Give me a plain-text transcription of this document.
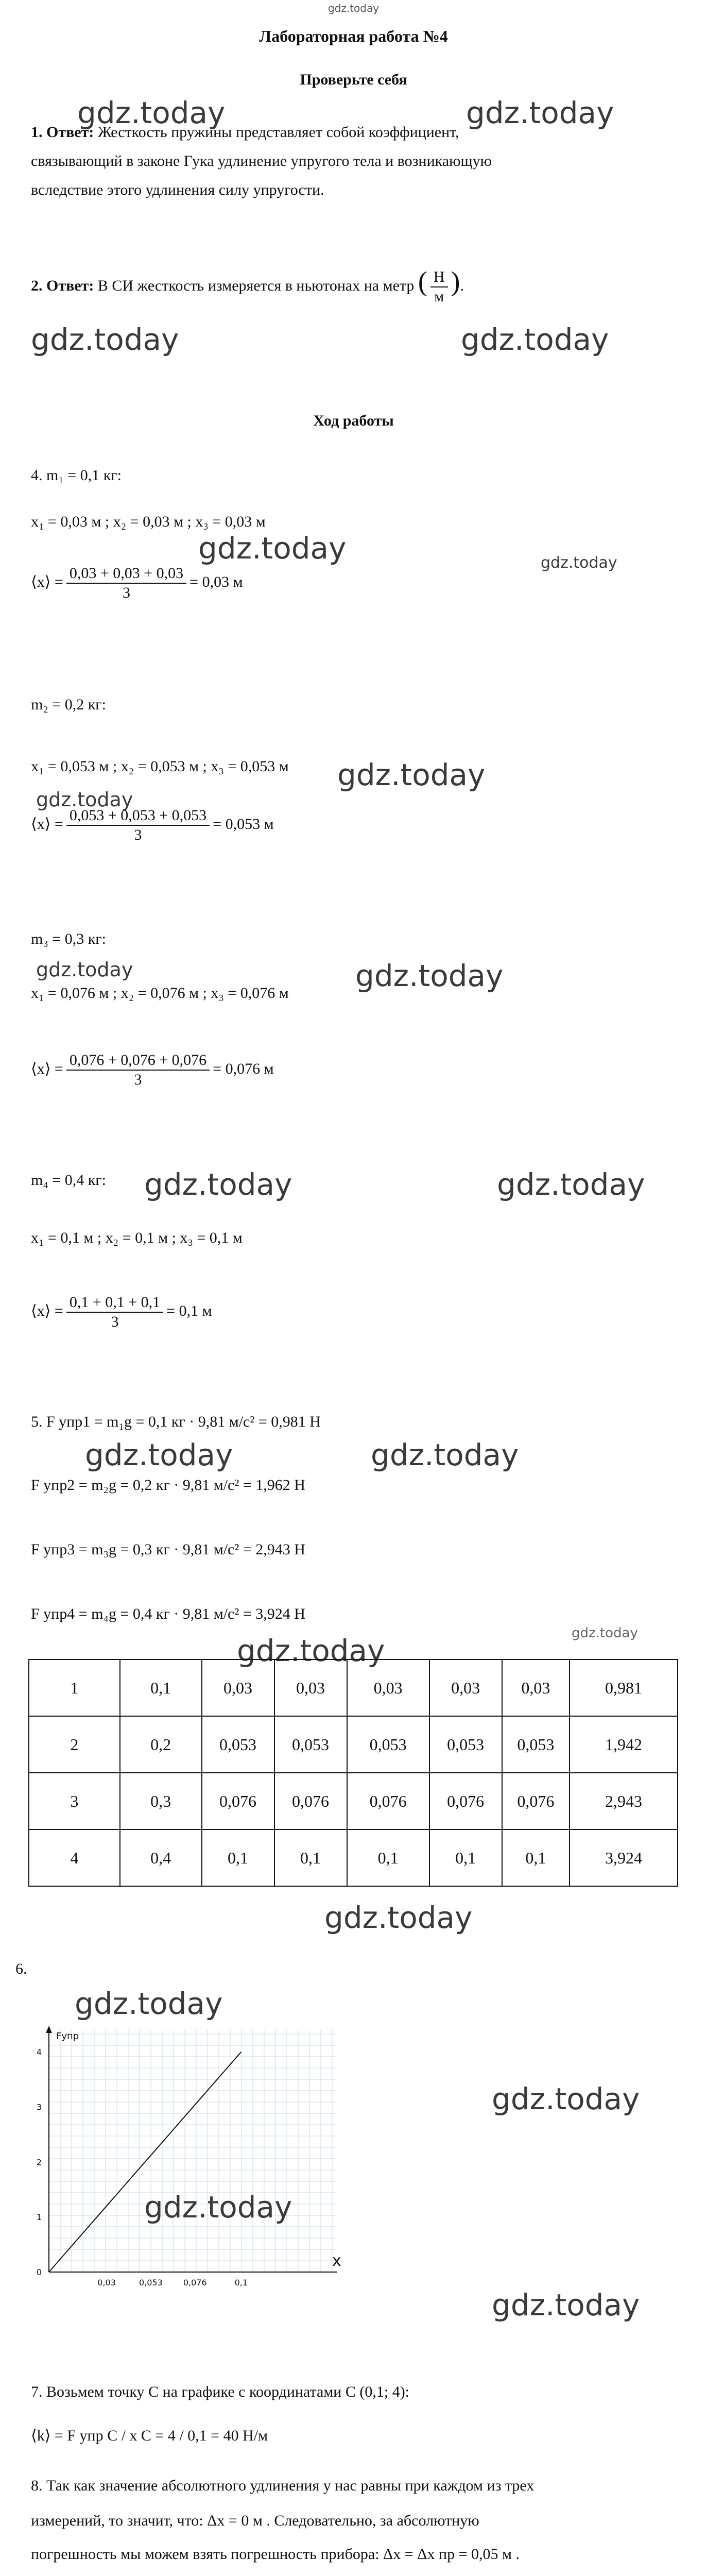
gdz.today
Лабораторная работа №4
Проверьте себя
gdz.today	gdz.today
1. Ответ: Жесткость пружины представляет собой коэффициент,
связывающий в законе Гука удлинение упругого тела и возникающую
вследствие этого удлинения силу упругости.
2. Ответ: В СИ жесткость измеряется в ньютонах на метр ( $\frac{Н}{м}$ ).
gdz.today	gdz.today
Ход работы
4. m₁ = 0,1 кг:
x₁ = 0,03 м ; x₂ = 0,03 м ; x₃ = 0,03 м
gdz.today	gdz.today
⟨x⟩ = $\frac{0,03 + 0,03 + 0,03}{3} = 0,03$ м
m₂ = 0,2 кг:
x₁ = 0,053 м ; x₂ = 0,053 м ; x₃ = 0,053 м	gdz.today
gdz.today
⟨x⟩ = $\frac{0,053 + 0,053 + 0,053}{3} = 0,053$ м
m₃ = 0,3 кг:
gdz.today	gdz.today
x₁ = 0,076 м ; x₂ = 0,076 м ; x₃ = 0,076 м
⟨x⟩ = $\frac{0,076 + 0,076 + 0,076}{3} = 0,076$ м
m₄ = 0,4 кг:	gdz.today	gdz.today
x₁ = 0,1 м ; x₂ = 0,1 м ; x₃ = 0,1 м
⟨x⟩ = $\frac{0,1 + 0,1 + 0,1}{3} = 0,1$ м
5. F упр1 = m₁g = 0,1 кг · 9,81 м/с² = 0,981 Н
gdz.today	gdz.today
F упр2 = m₂g = 0,2 кг · 9,81 м/с² = 1,962 Н
F упр3 = m₃g = 0,3 кг · 9,81 м/с² = 2,943 Н
F упр4 = m₄g = 0,4 кг · 9,81 м/с² = 3,924 Н
gdz.today
gdz.today
1	0,1	0,03	0,03	0,03	0,03	0,03	0,981
2	0,2	0,053	0,053	0,053	0,053	0,053	1,942
3	0,3	0,076	0,076	0,076	0,076	0,076	2,943
4	0,4	0,1	0,1	0,1	0,1	0,1	3,924
gdz.today
6.
gdz.today
Fупр
x
0
1
2
3
4
0,03	0,053	0,076	0,1
gdz.today
gdz.today
gdz.today
7. Возьмем точку С на графике с координатами С (0,1; 4):
⟨k⟩ = F упр C / x C = 4 / 0,1 = 40 Н/м
8. Так как значение абсолютного удлинения у нас равны при каждом из трех
измерений, то значит, что: Δx = 0 м . Следовательно, за абсолютную
погрешность мы можем взять погрешность прибора: Δx = Δx пр = 0,05 м .
